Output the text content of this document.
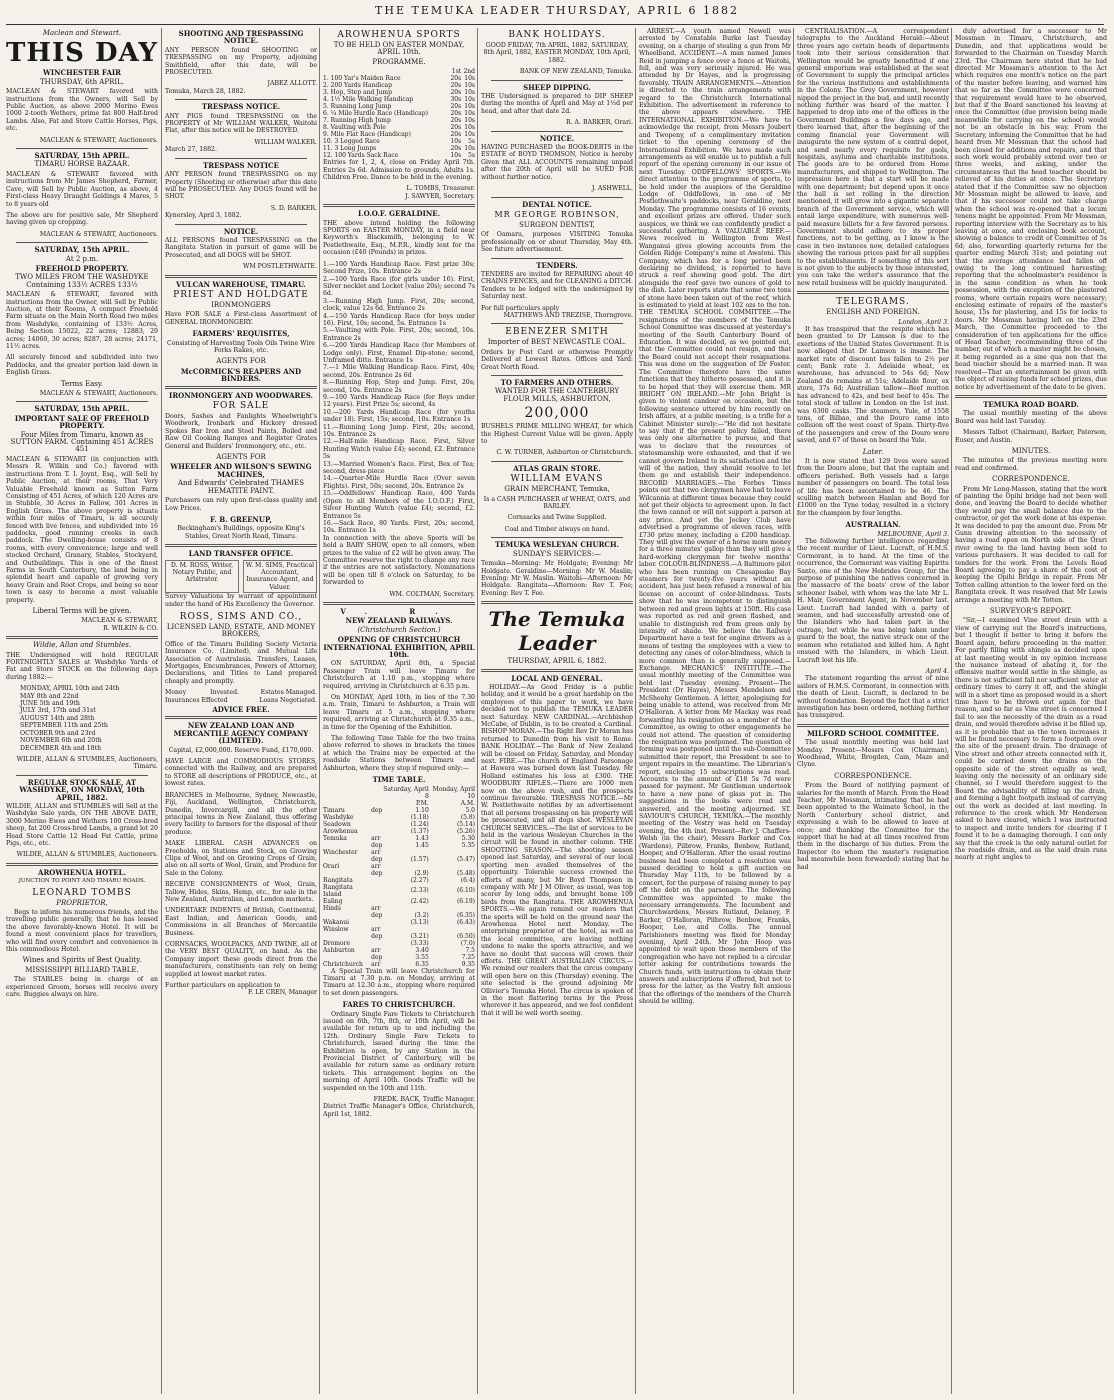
THE TEMUKA LEADER THURSDAY, APRIL 6 1882
Maclean and Stewart.
THIS DAY
WINCHESTER FAIR
THURSDAY, 6th APRIL.
MACLEAN & STEWART favored with instructions from the Owners, will Sell by Public Auction, as above 2000 Merino Ewes 1000 2-tooth Wethers, prime fat 800 Half-bred Lambs. Also, Fat and Store Cattle Horses, Pigs, etc.
MACLEAN & STEWART, Auctioneers.
SATURDAY, 15th APRIL.
TIMARU HORSE BAZAAR.
MACLEAN & STEWART favored with instructions from Mr James Shepherd, Farmer, Cave, will Sell by Public Auction, as above, 4 First-class Heavy Draught Geldings 4 Mares, 5 to 8 years old
The above are for positive sale, Mr Shepherd having given up cropping.
MACLEAN & STEWART, Auctioneers.
SATURDAY, 15th APRIL.
At 2 p.m.
FREEHOLD PROPERTY.
TWO MILES FROM THE WASHDYKE Containing 133½ ACRES 133½
MACLEAN & STEWART, favored with instructions from the Owner, will Sell by Public Auction, at their Rooms, A compact Freehold Farm situate on the Main North Road two miles from Washdyke, containing of 133½ Acres, Being Section 15022, 22 acres; 12883, 29 acres; 14060, 30 acres; 8287, 28 acres; 24171, 11½ acres.
All securely fenced and subdivided into two Paddocks, and the greater portion laid down in English Grass.
Terms Easy.
MACLEAN & STEWART, Auctioneers.
SATURDAY, 15th APRIL.
IMPORTANT SALE OF FREEHOLD PROPERTY.
Four Miles from Timaru, known as SUTTON FARM. Containing 451 ACRES 451
MACLEAN & STEWART (in conjunction with Messrs R. Wilkin and Co.) favored with instructions from T. I. Joynt, Esq., will Sell by Public Auction, at their rooms, That Very Valuable Freehold known as Sutton Farm Consisting of 451 Acres, of which 120 Acres are in Stubble, 30 Acres in Fallow, 301 Acres in English Grass. The above property is situate within four miles of Timaru, is all securely fenced with live fences, and subdivided into 16 paddocks, good running creeks in each paddock. The Dwelling-house consists of 8 rooms, with every convenience; large and well stocked Orchard, Granary, Stables, Stockyard, and Outbuildings. This is one of the finest Farms in South Canterbury, the land being in splendid heart and capable of growing very heavy Grain and Root Crops, and being so near town is easy to become a most valuable property.
Liberal Terms will be given.
MACLEAN & STEWART,
R. WILKIN & CO.
Wildie, Allan and Stumbles.
THE Undersigned will hold REGULAR FORTNIGHTLY SALES at Washdyke Yards of Fat and Store STOCK on the following days during 1882:—
MONDAY, APRIL 10th and 24th
MAY 8th and 22nd
JUNE 5th and 19th
JULY 3rd, 17th and 31st
AUGUST 14th and 28th
SEPTEMBER 11th and 25th
OCTOBER 9th and 23rd
NOVEMBER 6th and 20th
DECEMBER 4th and 18th
WILDIE, ALLAN & STUMBLES, Auctioneers, Timaru.
REGULAR STOCK SALE, AT WASHDYKE, ON MONDAY, 10th APRIL, 1882.
WILDIE, ALLAN and STUMBLES will Sell at the Washdyke Sale yards, ON THE ABOVE DATE, 3000 Merino Ewes and Wethers 100 Cross-bred sheep, fat 200 Cross-bred Lambs, a grand lot 20 Head Store Cattle 12 Head Fat Cattle, prime Pigs, etc., etc.
WILDIE, ALLAN & STUMBLES, Auctioneers.
AROWHENUA HOTEL.
JUNCTION TO POINT AND TIMARU ROADS.
LEONARD TOMBS
PROPRIETOR,
Begs to inform his numerous friends, and the travelling public generally, that he has leased the above favorably-known Hotel. It will be found a most convenient place for travellers, who will find every comfort and convenience in this commodious Hotel.
Wines and Spirits of Best Quality.
MISSISSIPPI BILLIARD TABLE.
The STABLES being in charge of an experienced Groom, horses will receive every care. Buggies always on hire.
SHOOTING AND TRESPASSING NOTICE.
ANY PERSON found SHOOTING or TRESPASSING on my Property, adjoining Smithfield, after this date, will be PROSECUTED.
JABEZ ALLOTT.
Temuka, March 28, 1882.
TRESPASS NOTICE.
ANY PIGS found TRESPASSING on the PROPERTY of Mr WILLIAM WALKER, Waitohi Flat, after this notice will be DESTROYED.
WILLIAM WALKER.
March 27, 1882.
TRESPASS NOTICE
ANY PERSON found TRESPASSING on my Property (Shooting or otherwise) after this date will be PROSECUTED. Any DOGS found will be SHOT.
S. D. BARKER.
Kynersley, April 3, 1882.
NOTICE.
ALL PERSONS found TRESPASSING on the Rangitata Station in pursuit of game will be Prosecuted, and all DOGS will be SHOT.
WM POSTLETHWAITE.
VULCAN WAREHOUSE, TIMARU.
PRIEST AND HOLDGATE
IRONMONGERS
Have FOR SALE a First-class Assortment of GENERAL IRONMONGERY.
FARMERS' REQUISITES,
Consisting of Harvesting Tools Oils Twine Wire Forks Rakes, etc.
AGENTS FOR
McCORMICK'S REAPERS AND BINDERS.
IRONMONGERY AND WOODWARES.
FOR SALE
Doors, Sashes and Fanlights Wheelwright's Woodwork, Ironbark and Hickory dressed Spokes Bar Iron and Steel Paints, Boiled and Raw Oil Cooking Ranges and Register Grates General and Builders' Ironmongery, etc., etc.
AGENTS FOR
WHEELER AND WILSON'S SEWING MACHINES,
And Edwards' Celebrated THAMES HEMATITE PAINT.
Purchasers can rely upon first-class quality and Low Prices.
F. B. GREENUP,
Beckingham's Buildings, opposite King's Stables, Great North Road, Timaru.
LAND TRANSFER OFFICE.
D. M. ROSS, Writer, Notary Public, and Arbitrator.
W. M. SIMS, Practical Accountant, Insurance Agent, and Valuer.
Survey Valuations by warrant of appointment under the hand of His Excellency the Governor.
ROSS, SIMS AND CO.,
LICENSED LAND, ESTATE, AND MONEY BROKERS,
Office of the Timaru Building Society Victoria Insurance Co. (Limited), and Mutual Life Association of Australasia. Transfers, Leases, Mortgages, Encumbrances, Powers of Attorney, Declarations, and Titles to Land prepared cheaply and promptly.
Money Invested. Insurances Effected
Estates Managed. Loans Negotiated.
ADVICE FREE.
NEW ZEALAND LOAN AND MERCANTILE AGENCY COMPANY (LIMITED).
Capital, £2,000,000. Reserve Fund, £170,000.
HAVE LARGE and COMMODIOUS STORES, connected with the Railway, and are prepared to STORE all descriptions of PRODUCE, etc., at lowest rates.
BRANCHES in Melbourne, Sydney, Newcastle, Fiji, Auckland, Wellington, Christchurch, Dunedin, Invercargill, and all the other principal towns in New Zealand, thus offering every facility to farmers for the disposal of their produce.
MAKE LIBERAL CASH ADVANCES on Freeholds, on Stations and Stock, on Growing Clips of Wool, and on Growing Crops of Grain, also on all sorts of Wool, Grain, and Produce for Sale in the Colony.
RECEIVE CONSIGNMENTS of Wool, Grain, Tallow, Hides, Skins, Hemp, etc., for sale in the New Zealand, Australian, and London markets.
UNDERTAKE INDENTS of British, Continental, East Indian, and American Goods, and Commissions in all Branches of Mercantile Business.
CORNSACKS, WOOLPACKS, AND TWINE, all of the VERY BEST QUALITY, on hand. As the Company import these goods direct from the manufacturers, constituents can rely on being supplied at lowest market rates.
Further particulars on application to
F. LE CREN, Manager
AROWHENUA SPORTS
TO BE HELD ON EASTER MONDAY, APRIL 10th.
PROGRAMME.
	1st	2nd
1. 100 Yar's Maiden Race	20s	10s
2. 200 Yards Handicap	20s	10s
3. Hop, Step and Jump	20s	10s
4. 1½ Mile Walking Handicap	30s	10s
5. Running Long Jump	20s	10s
6. ¼ Mile Hurdle Race (Handicap)	20s	10s
7. Running High Jump	20s	10s
8. Vaulting with Pole	20s	10s
9. Mile Flat Race (Handicap)	20s	10s
10. 3 Legged Race	10s	5s
11. 3 Long Jumps	20s	10s
12. 100 Yards Sack Race	10s	5s
Entries for 1, 2, 4, close on Friday April 7th. Entries 2s 6d. Admission to grounds, Adults 1s. Children Free. Dance to be held in the evening.
L. TOMBS, Treasurer.
J. SAWYER, Secretary.
I.O.O.F. GERALDINE.
THE above intend holding the following SPORTS on EASTER MONDAY, in a field near Keyworth's Blacksmith, belonging to W. Postlethwaite, Esq., M.P.R., kindly lent for the occasion (£40 (Pounds) in prizes.
1.—100 Yards Handicap Race. First prize 30s; Second Prize, 10s. Entrance 2s
2.—100 Yards Race (for girls under 16). First, Silver necklet and Locket (value 20s); second 7s 6d.
3.—Running High Jump. First, 20s; second, clock, value 12s 6d. Entrance 2s
4.—150 Yards Handicap Race (for boys under 16). First, 10s; second, 5s. Entrance 1s
5.—Vaulting with Pole. First, 20s; second, 10s. Entrance 2s
6.—200 Yards Handicap Race (for Members of Lodge only). First, Enamel Dip-stone; second, Unframed ditto. Entrance 1s
7.—1 Mile Walking Handicap Race. First, 40s; second, 20s. Entrance 2s 6d
8.—Running Hop, Step and Jump. First, 20s; second, 10s. Entrance 2s
9.—100 Yards Handicap Race (for Boys under 12 years). First Prize 5s; second, 4s
10.—200 Yards Handicap Race (for youths under 18). First, 15s; second, 10s. Entrance 1s
11.—Running Long Jump. First, 20s; second, 10s. Entrance 2s
12.—Half-mile Handicap Race. First, Silver Hunting Watch (value £4); second, £2. Entrance 5s
13.—Married Women's Race. First, Box of Tea; second, dress piece
14.—Quarter-Mile Hurdle Race (Over seven Flights). First, 50s; second, 20s. Entrance 2s
15.—Oddfellows' Handicap Race, 400 Yards (Open to all Members of the I.O.O.F.) First, Silver Hunting Watch (value £4); second, £2. Entrance 5s
16.—Sack Race, 80 Yards. First, 20s; second, 10s. Entrance 1s
In connection with the above Sports will be held a BABY SHOW, open to all comers, when prizes to the value of £2 will be given away. The Committee reserve the right to change any race if the entries are not satisfactory. Nominations will be open till 8 o'clock on Saturday, to be forwarded to
WM. COLTMAN, Secretary.
V. R.
NEW ZEALAND RAILWAYS.
(Christchurch Section.)
OPENING OF CHRISTCHURCH INTERNATIONAL EXHIBITION, APRIL 10th.
ON SATURDAY, April 8th, a Special Passenger Train will leave Timaru for Christchurch at 1.10 p.m., stopping where required, arriving in Christchurch at 6.35 p.m.
On MONDAY, April 10th, in lieu of the 7.30 a.m. Train, Timaru to Ashburton, a Train will leave Timaru at 5 a.m., stopping where required, arriving at Christchurch at 9.35 a.m., in time for the Opening of the Exhibition.
The following Time Table for the two trains above referred to shows in brackets the times at which the Trains may be expected at the roadside Stations between Timaru and Ashburton, where they stop if required only:—
TIME TABLE.
		Saturday, April 8	Monday, April 10
		P.M.	A.M.
Timaru	dep	1.10	5.0
Washdyke		(1.18)	(5.8)
Seadown		(1.24)	(5.14)
Arowhenua		(1.37)	(5.26)
Temuka	arr	1.43	5.30
	dep	1.45	5.35
Winchester	arr		
	dep	(1.57)	(5.47)
Orari	arr		
	dep	(2.9)	(5.48)
Rangitata		(2.27)	(6.4)
Rangitata Island		(2.33)	(6.10)
Ealing		(2.42)	(6.19)
Hinds	arr		
	dep	(3.2)	(6.35)
Wakanui		(3.13)	(6.43)
Winslow	arr		
	dep	(3.21)	(6.50)
Dromore		(3.33)	(7.0)
Ashburton	arr	3.40	7.5
	dep	3.55	7.25
Christchurch	arr	6.35	9.35
A Special Train will leave Christchurch for Timaru at 7.30 p.m. on Monday, arriving at Timaru at 12.30 a.m., stopping where required to set down passengers.
FARES TO CHRISTCHURCH.
Ordinary Single Fare Tickets to Christchurch issued on 6th, 7th, 8th, or 10th April, will be available for return up to and including the 12th. Ordinary Single Fare Tickets to Christchurch, issued during the time the Exhibition is open, by any Station in the Provincial District of Canterbury, will be available for return same as ordinary return tickets. This arrangement begins on the morning of April 10th. Goods Traffic will be suspended on the 10th and 11th.
FREDK. BACK, Traffic Manager.
District Traffic Manager's Office, Christchurch, April 1st, 1882.
BANK HOLIDAYS.
GOOD FRIDAY, 7th APRIL, 1882, SATURDAY, 8th April, 1882, EASTER MONDAY, 10th April, 1882.
BANK OF NEW ZEALAND, Temuka.
SHEEP DIPPING.
THE Undersigned is prepared to DIP SHEEP during the months of April and May at 1½d per head, and after that date 2d.
R. A. BARKER, Orari.
NOTICE.
HAVING PURCHASED the BOOK-DEBTS in the ESTATE of BOYD THOMSON, Notice is hereby Given that ALL ACCOUNTS remaining unpaid after the 20th of April will be SUED FOR without further notice.
J. ASHWELL.
DENTAL NOTICE.
MR GEORGE ROBINSON,
SURGEON DENTIST,
Of Oamaru, purposes VISITING Temuka professionally on or about Thursday, May 4th. See future advertisement.
TENDERS.
TENDERS are invited for REPAIRING about 40 CHAINS FENCES, and for CLEANING a DITCH. Tenders to be lodged with the undersigned by Saturday next.
For full particulars apply
MATTHEWS AND TREZISE, Thorngrove.
EBENEZER SMITH
Importer of BEST NEWCASTLE COAL.
Orders by Post Card or otherwise Promptly Delivered at Lowest Rates. Offices and Yard: Great North Road.
TO FARMERS AND OTHERS.
WANTED FOR THE CANTERBURY FLOUR MILLS, ASHBURTON,
200,000
BUSHELS PRIME MILLING WHEAT, for which the Highest Current Value will be given. Apply to
C. W. TURNER, Ashburton or Christchurch.
ATLAS GRAIN STORE.
WILLIAM EVANS
GRAIN MERCHANT, Temuka,
Is a CASH PURCHASER of WHEAT, OATS, and BARLEY.
Cornsacks and Twine Supplied.
Coal and Timber always on hand.
TEMUKA WESLEYAN CHURCH.
SUNDAY'S SERVICES:—
Temuka—Morning: Mr Holdgate; Evening: Mr Holdgate. Geraldine—Morning: Mr W. Maslin; Evening: Mr W. Maslin. Waitohi—Afternoon: Mr Holdgate. Rangitata—Afternoon: Rev T. Fee; Evening: Rev T. Fee.
The Temuka Leader
THURSDAY, APRIL 6, 1882.
LOCAL AND GENERAL.
HOLIDAY.—As Good Friday is a public holiday, and it would be a great hardship on the employees of this paper to work, we have decided not to publish the TEMUKA LEADER next Saturday. NEW CARDINAL.—Archbishop McCabe, of Dublin, is to be created a Cardinal. BISHOP MORAN.—The Right Rev Dr Moran has returned to Dunedin from his visit to Rome. BANK HOLIDAY.—The Bank of New Zealand will be closed on Friday, Saturday, and Monday next. FIRE.—The church of England Parsonage at Hawera was burned down last Tuesday. Mr Holland estimates his loss at £300. THE WOODBURY RIFLES.—There are 1000 men now on the above rush, and the prospects continue favourable. TRESPASS NOTICE.—Mr W. Postlethwaite notifies by an advertisement that all persons trespassing on his property will be prosecuted, and all dogs shot. WESLEYAN CHURCH SERVICES.—The list of services to be held in the various Wesleyan Churches in the circuit will be found in another column. THE SHOOTING SEASON.—The shooting season opened last Saturday, and several of our local sporting men availed themselves of the opportunity. Tolerable success crowned the efforts of many, but Mr Boyd Thompson in company with Mr J M Oliver, as usual, was top scorer by long odds, and brought home 109 birds from the Rangitata. THE AROWHENUA SPORTS.—We again remind our readers that the sports will be held on the ground near the Arowhenua Hotel next Monday. The enterprising proprietor of the hotel, as well as the local committee, are leaving nothing undone to make the sports attractive, and we have no doubt that success will crown their efforts. THE GREAT AUSTRALIAN CIRCUS.—We remind our readers that the circus company will open here on this (Thursday) evening. The site selected is the ground adjoining Mr Ollivier's Temuka Hotel. The circus is spoken of in the most flattering terms by the Press wherever it has appeared, and we feel confident that it will be well worth seeing.
ARREST.—A youth named Newell was arrested by Constable Burke last Tuesday evening, on a charge of stealing a gun from Mr Wheelband. ACCIDENT.—A man named James Reid in jumping a fence over a fence at Waitohi, fell, and was very seriously injured. He was attended by Dr Hayes, and is progressing favorably. TRAIN ARRANGEMENTS.—Attention is directed to the train arrangements with regard to the Christchurch International Exhibition. The advertisement in reference to the above appears elsewhere. THE INTERNATIONAL EXHIBITION.—We have to acknowledge the receipt, from Messrs Joubert and Twopeny, of a complimentary invitation ticket to the opening ceremony of the International Exhibition. We have made such arrangements as will enable us to publish a full report of the opening ceremony in our issue of next Tuesday. ODDFELLOWS' SPORTS.—We direct attention to the programme of sports, to be held under the auspices of the Geraldine Lodge of Oddfellows, in one of Mr Postlethwaite's paddocks, near Geraldine, next Monday. The programme consists of 16 events, and excellent prizes are offered. Under such auspices, we think we can confidently predict a successful gathering. A VALUABLE REEF.—News received in Wellington from West Wanganui gives glowing accounts from the Golden Ridge Company's mine at Awatoni. This Company, which has for a long period been declaring no dividend, is reported to have struck a reef showing good gold. The dirt alongside the reef gave two ounces of gold to the dish. Later reports state that some two tons of stone have been taken out of the reef, which is estimated to yield at least 102 ozs to the ton. THE TEMUKA SCHOOL COMMITTEE.—The resignations of the members of the Temuka School Committee was discussed at yesterday's meeting of the South Canterbury Board of Education. It was decided, as we pointed out, that the Committee could not resign, and that the Board could not accept their resignations. This was done on the suggestion of Dr Foster. The Committee therefore have the same functions that they hitherto possessed, and it is to be hoped that they will exercise them. MR BRIGHT ON IRELAND.—Mr John Bright is given to violent candour on occasion, but the following sentence uttered by him recently on Irish affairs, at a public meeting, is a trifle for a Cabinet Minister surely:—"He did not hesitate to say that if the present policy failed, there was only one alternative to pursue, and that was to declare that the resources of statesmanship were exhausted, and that if we cannot govern Ireland to its satisfaction and the will of the nation, they should resolve to let them go and establish their independence. RECORD MARRIAGES.—The Forbes Times points out that two clergymen have had to leave Wilcannia at different times because they could not get their objects to agreement upon. In fact the town cannot or will not support a parson at any price. And yet the Jockey Club have advertised a programme of eleven races, with £730 prize money, including a £200 handicap. They will give the owner of a horse more money for a three minutes' gallop than they will give a hard-working clergyman for twelve months' labor. COLOUR-BLINDNESS.—A Baltimore pilot who has been running on Chesapeake Bay steamers for twenty-five years without an accident, has just been refused a renewal of his license on account of color-blindness. Tests show that he was incompetent to distinguish between red and green lights at 150ft. His case was reported as red and green flashed, and unable to distinguish red from green only by intensity of shade. We believe the Railway Department have a test for engine drivers as a means of testing the employees with a view to detecting any cases of color-blindness, which is more common than is generally supposed.—Exchange. MECHANICS' INSTITUTE.—The usual monthly meeting of the Committee was held last Tuesday evening. Present—The President (Dr Hayes), Messrs Mendelson and McSheehy Gentlemen. A letter, apologising for being unable to attend, was received from Mr O'Halloran. A letter from Mr Mackay was read forwarding his resignation as a member of the Committee, as owing to other engagements he could not attend. The question of considering the resignation was postponed. The question of forming was postponed until the sub-Committee submitted their report, the President to see to urgent repairs in the meantime. The Librarian's report, enclosing 15 subscriptions was read. Accounts to the amount of £18 5s 7d were passed for payment. Mr Gentleman undertook to have a new pane of glass put in. The suggestions in the books were read and answered, and the meeting adjourned. ST. SAVIOUR'S CHURCH, TEMUKA.—The monthly meeting of the Vestry was held on Tuesday evening, the 4th inst. Present—Rev J. Chaffers-Welsh (in the chair), Messrs Barker and Cox (Wardens), Pilbrow, Franks, Benbow, Rutland, Hooper, and O'Halloran. After the usual routine business had been completed a resolution was passed deciding to hold a gift auction on Thursday May 11th, to be followed by a concert, for the purpose of raising money to pay off the debt on the parsonage. The following Committee was appointed to make the necessary arrangements. The Incumbent and Churchwardens, Messrs Rutland, Delaney, F. Barker, O'Halloran, Pilbrow, Benbow, Franks, Hooper, Lee, and Collis. The annual Parishioners meeting was fixed for Monday evening, April 24th. Mr John Hoop was appointed to wait upon those members of the congregation who have not replied to a circular letter asking for contributions towards the Church funds, with instructions to obtain their answers and subscriptions if offered, but not to press for the latter, as the Vestry felt anxious that the offerings of the members of the Church should be willing.
CENTRALISATION.—A correspondent telegraphs to the Auckland Herald:—About three years ago certain heads of departments took into their serious consideration that Wellington would be greatly benefitted if one general emporium was established at the seat of Government to supply the principal articles for the various institutions and establishments in the Colony. The Grey Government, however nipped the project in the bud, and until recently nothing further was heard of the matter. I happened to drop into one of the offices in the Government Buildings a few days ago, and there learned that, after the beginning of the coming financial year Government will inaugurate the new system of a central depot, and send nearly every requisite for gaols, hospitals, asylums and charitable institutions. The goods are to be ordered from Home manufacturers, and shipped to Wellington. The impression here is that a start will be made with one department; but depend upon it once the ball is set rolling in the direction mentioned, it will grow into a gigantic separate branch of the Government service, which will entail large expenditure, with numerous well-paid measure billets for a few favored persons. Government should adhere to its proper functions, not to be getting, as I know is the case in two instances now, detailed catalogues showing the various prices paid for all supplies to the establishments. If something of this sort is not given to the subjects by those interested, you can take the writer's assurance that the new retail business will be quickly inaugurated.
TELEGRAMS.
ENGLISH AND FOREIGN.
London, April 3.
It has transpired that the respite which has been granted to Dr Lamson is due to the exertions of the United States Government. It is now alleged that Dr Lamson is insane. The market rate of discount has fallen to 2½ per cent; Bank rate 3. Adelaide wheat, ex warehouse, has advanced to 54s 6d; New Zealand do remains at 51s; Adelaide flour, ex store, 37s 6d; Australian tallow—Beef mutton has advanced to 42s, and best beef to 45s. The total stock of tallow in London on the 1st inst. was 6300 casks. The steamers, Yule, of 1558 tons, of Bilbao, and the Douro came into collision off the west coast of Spain. Thirty-five of the passengers and crew of the Douro were saved, and 67 of those on board the Yule.
Later.
It is now stated that 129 lives were saved from the Douro alone, but that the captain and officers perished. Both vessels had a large number of passengers on board. The total loss of life has been ascertained to be 46. The sculling match between Hanlan and Boyd for £1000 on the Tyne today, resulted in a victory for the champion by four lengths.
AUSTRALIAN.
MELBOURNE, April 3.
The following further intelligence regarding the recent murder of Lieut. Lucraft, of H.M.S. Cormorant, is to hand. At the time of the occurrence, the Cormorant was visiting Espiritu Santo, one of the New Hebrides Group, for the purpose of punishing the natives concerned in the massacre of the boats' crew of the labor schooner Isabel, with whom was the late Mr L. H. Mair, Government Agent, in November last. Lieut. Lucraft had landed with a party of seamen, and had successfully arrested one of the Islanders who had taken part in the outrage, but while he was being taken under guard to the boat, the native struck one of the seamen who retaliated and killed him. A fight ensued with the Islanders, in which Lieut. Lucraft lost his life.
April 4.
The statement regarding the arrest of nine sailors of H.M.S. Cormorant, in connection with the death of Lieut. Lucraft, is declared to be without foundation. Beyond the fact that a strict investigation has been ordered, nothing further has transpired.
MILFORD SCHOOL COMMITTEE.
The usual monthly meeting was held last Monday. Present—Messrs Cox (Chairman), Woodhead, White, Brogden, Cain, Maze and Clyne.
CORRESPONDENCE.
From the Board of notifying payment of salaries for the month of March. From the Head Teacher, Mr Mossman, intimating that he had been appointed to the Waimate School, in the North Canterbury school district, and expressing a wish to be allowed to leave at once; and thanking the Committee for the support that he had at all times received from them in the discharge of his duties. From the Inspector (to whom the master's resignation had meanwhile been forwarded) stating that he had
duly advertised for a successor to Mr Mossman in Timaru, Christchurch, and Dunedin, and that applications would be forwarded to the Chairman on Tuesday March 23rd. The Chairman here stated that he had directed Mr Mossman's attention to the Act which requires one month's notice on the part of the master before leaving, and warned him that so far as the Committee were concerned that requirement would have to be observed, but that if the Board sanctioned his leaving at once the Committee (due provision being made meanwhile for carrying on the school) would not be an obstacle in his way. From the Secretary, informing the Committee that he had heard from Mr Mossman that the school had been closed for additions and repairs, and that such work would probably extend over two or three weeks, and asking, under the circumstances that the head teacher should be relieved of his duties at once. The Secretary stated that if the Committee saw no objection Mr Mossman might be allowed to leave, and that if his successor could not take charge when the school was re-opened that a locum tenens might be appointed. From Mr Mossman, reporting interview with the Secretary as to his leaving at once, and enclosing book account, showing a balance to credit of Committee of 5s 6d; also, forwarding quarterly returns for the quarter ending March 31st; and pointing out that the average attendance had fallen off owing to the long continued harvesting; reporting that the schoolmaster's residence is in the same condition as when he took possession, with the exception of the plastered rooms, where certain repairs were necessary; enclosing estimate of repairs of the master's house, 15s for plastering, and 15s for locks to doors. Mr Mossman having left on the 23rd March, the Committee proceeded to the consideration of ten applications for the office of Head Teacher, recommending three of the number, out of which a master might be chosen, it being regarded as a sine qua non that the head teacher should be a married man. It was resolved—That an entertainment be given with the object of raising funds for school prizes, due notice by advertisement of the date to be given.
TEMUKA ROAD BOARD.
The usual monthly meeting of the above Board was held last Tuesday.
Messrs Talbot (Chairman), Barker, Paterson, Euser, and Austin.
MINUTES.
The minutes of the previous meeting were read and confirmed.
CORRESPONDENCE.
From Mr Long-Masson, stating that the work of painting the Opihi bridge had not been well done, and leaving the Board to decide whether they would pay the small balance due to the contractor, or get the work done at his expense. It was decided to pay the amount due. From Mr Gunn drawing attention to the necessity of having a road open on North side of the Orari river owing to the land having been sold to various purchasers. It was decided to call for tenders for the work. From the Levels Road Board agreeing to pay a share of the cost of keeping the Opihi Bridge in repair. From Mr Totten calling attention to the lower ford on the Rangitata creek. It was resolved that Mr Lewis arrange a meeting with Mr Totten.
SURVEYOR'S REPORT.
"Sir,—I examined Vine street drain with a view of carrying out the Board's instructions, but I thought it better to bring it before the Board again, before proceeding in the matter. For partly filling with shingle as decided upon at last meeting would in my opinion increase the nuisance instead of abating it, for the offensive matter would settle in the shingle, as there is not sufficient fall nor sufficient water at ordinary times to carry it off, and the shingle will in a short time as proposed would in a short time have to be thrown out again for that reason, and so far as Vine street is concerned I fail to see the necessity of the drain as a road drain, and would therefore advise it be filled up, as it is probable that as the town increases it will be found necessary to form a footpath over the site of the present drain. The drainage of Vine street and other streets connected with it, could be carried down the drains on the opposite side of the street equally as well, leaving only the necessity of an ordinary side channel, so I would therefore suggest to the Board the advisability of filling up the drain, and forming a light footpath instead of carrying out the work as decided at last meeting. In reference to the creek which Mr Henderson asked to have cleared, which I was instructed to inspect and invite tenders for clearing if I found it to be a damaging thorough. I can only say that the creek is the only natural outlet for the roadside drain, and as the said drain runs nearly at right angles to
